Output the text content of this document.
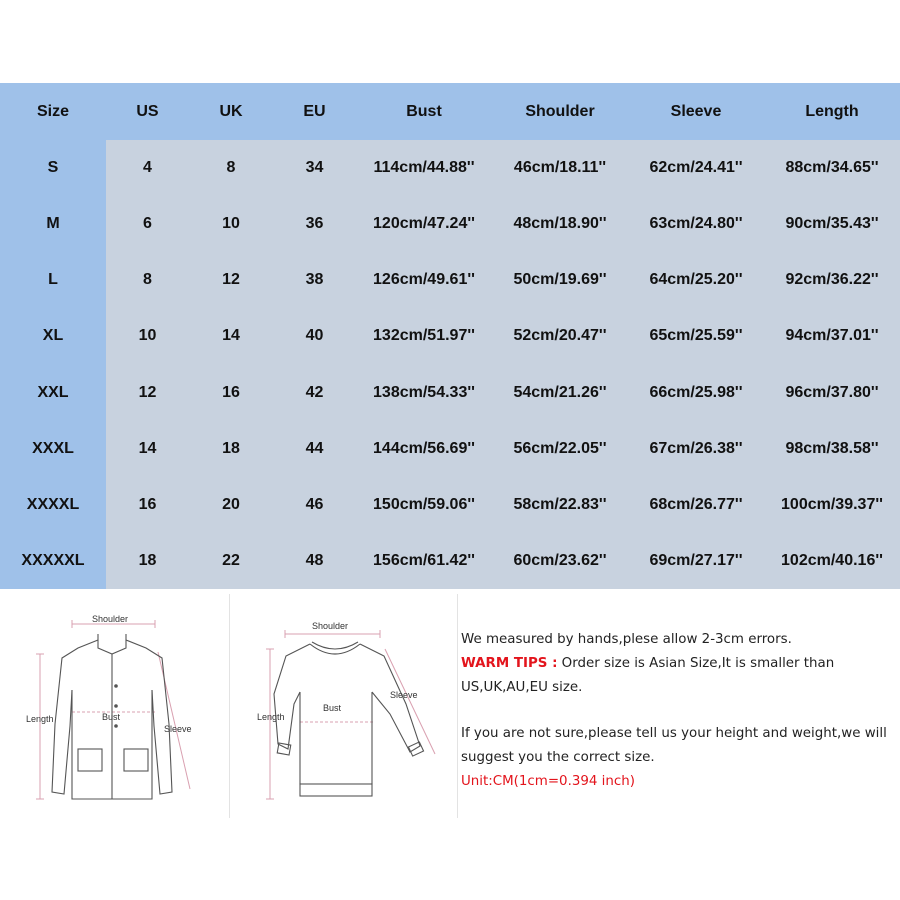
Size	US	UK	EU	Bust	Shoulder	Sleeve	Length
S	4	8	34	114cm/44.88''	46cm/18.11''	62cm/24.41''	88cm/34.65''
M	6	10	36	120cm/47.24''	48cm/18.90''	63cm/24.80''	90cm/35.43''
L	8	12	38	126cm/49.61''	50cm/19.69''	64cm/25.20''	92cm/36.22''
XL	10	14	40	132cm/51.97''	52cm/20.47''	65cm/25.59''	94cm/37.01''
XXL	12	16	42	138cm/54.33''	54cm/21.26''	66cm/25.98''	96cm/37.80''
XXXL	14	18	44	144cm/56.69''	56cm/22.05''	67cm/26.38''	98cm/38.58''
XXXXL	16	20	46	150cm/59.06''	58cm/22.83''	68cm/26.77''	100cm/39.37''
XXXXXL	18	22	48	156cm/61.42''	60cm/23.62''	69cm/27.17''	102cm/40.16''
Shoulder
Length	Bust
Sleeve
Shoulder
Length
Bust
Sleeve

We measured by hands,plese allow 2-3cm errors.

WARM TIPS : Order size is Asian Size,It is smaller than US,UK,AU,EU size.

If you are not sure,please tell us your height and weight,we will suggest you the correct size.

Unit:CM(1cm=0.394 inch)
